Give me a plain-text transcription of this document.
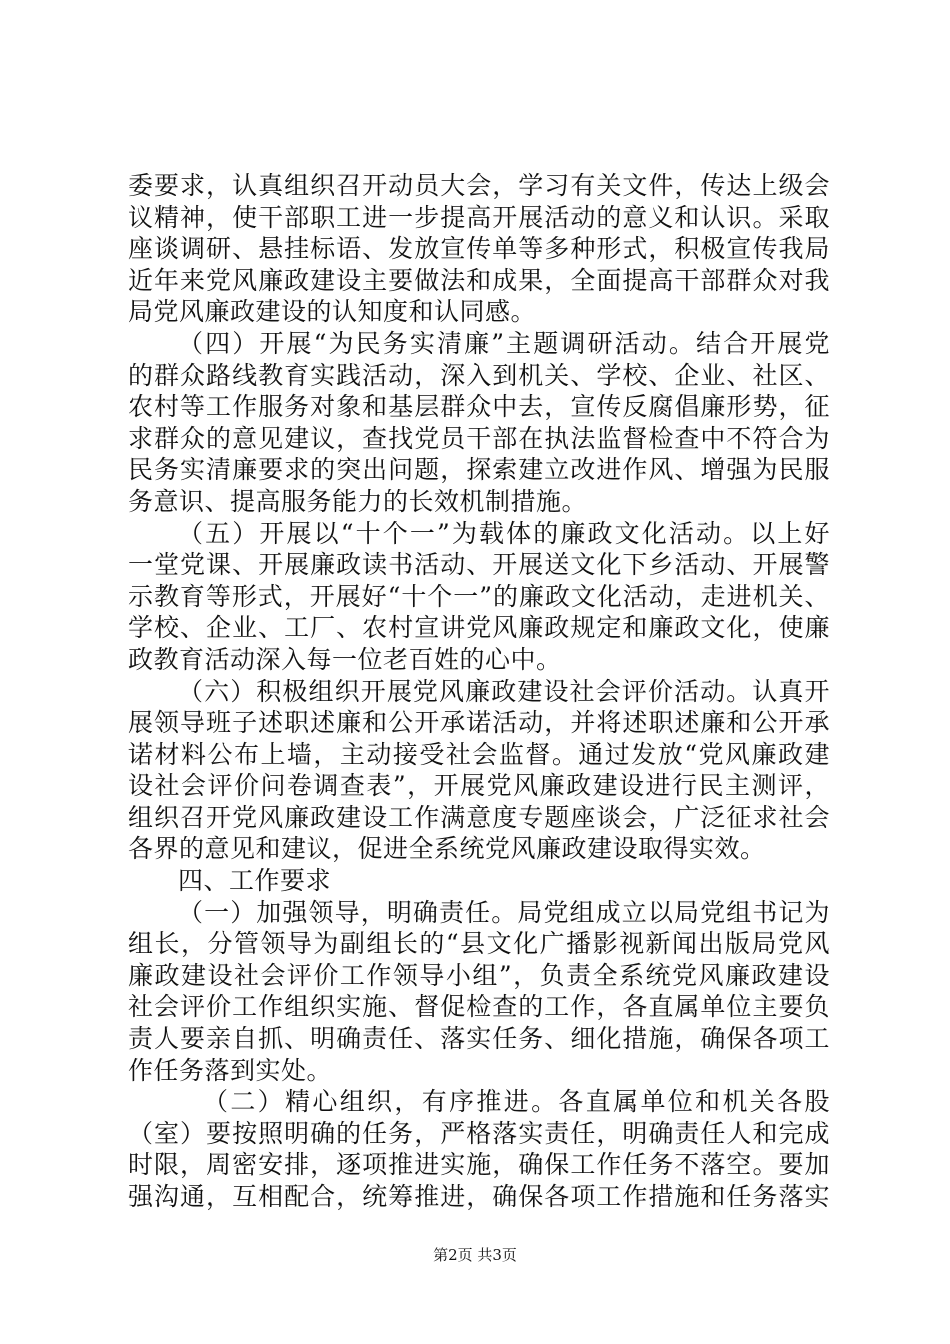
委要求，认真组织召开动员大会，学习有关文件，传达上级会
议精神，使干部职工进一步提高开展活动的意义和认识。采取
座谈调研、悬挂标语、发放宣传单等多种形式，积极宣传我局
近年来党风廉政建设主要做法和成果，全面提高干部群众对我
局党风廉政建设的认知度和认同感。
（四）开展“为民务实清廉”主题调研活动。结合开展党
的群众路线教育实践活动，深入到机关、学校、企业、社区、
农村等工作服务对象和基层群众中去，宣传反腐倡廉形势，征
求群众的意见建议，查找党员干部在执法监督检查中不符合为
民务实清廉要求的突出问题，探索建立改进作风、增强为民服
务意识、提高服务能力的长效机制措施。
（五）开展以“十个一”为载体的廉政文化活动。以上好
一堂党课、开展廉政读书活动、开展送文化下乡活动、开展警
示教育等形式，开展好“十个一”的廉政文化活动，走进机关、
学校、企业、工厂、农村宣讲党风廉政规定和廉政文化，使廉
政教育活动深入每一位老百姓的心中。
（六）积极组织开展党风廉政建设社会评价活动。认真开
展领导班子述职述廉和公开承诺活动，并将述职述廉和公开承
诺材料公布上墙，主动接受社会监督。通过发放“党风廉政建
设社会评价问卷调查表”，开展党风廉政建设进行民主测评，
组织召开党风廉政建设工作满意度专题座谈会，广泛征求社会
各界的意见和建议，促进全系统党风廉政建设取得实效。
四、工作要求
（一）加强领导，明确责任。局党组成立以局党组书记为
组长，分管领导为副组长的“县文化广播影视新闻出版局党风
廉政建设社会评价工作领导小组”，负责全系统党风廉政建设
社会评价工作组织实施、督促检查的工作，各直属单位主要负
责人要亲自抓、明确责任、落实任务、细化措施，确保各项工
作任务落到实处。
（二）精心组织，有序推进。各直属单位和机关各股
（室）要按照明确的任务，严格落实责任，明确责任人和完成
时限，周密安排，逐项推进实施，确保工作任务不落空。要加
强沟通，互相配合，统筹推进，确保各项工作措施和任务落实
第2页 共3页
